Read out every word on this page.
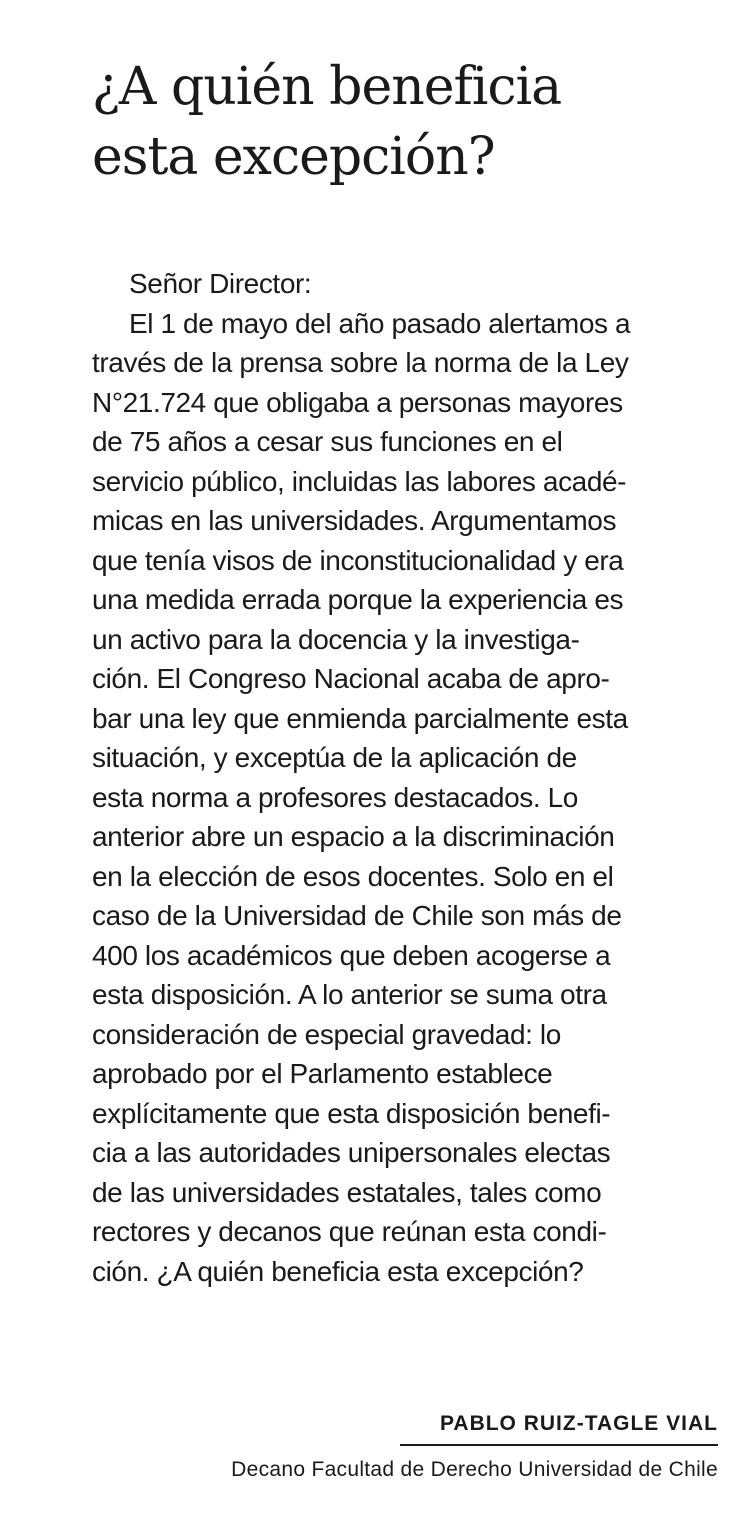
¿A quién beneficia
esta excepción?
Señor Director:
El 1 de mayo del año pasado alertamos a
través de la prensa sobre la norma de la Ley
N°21.724 que obligaba a personas mayores
de 75 años a cesar sus funciones en el
servicio público, incluidas las labores acadé-
micas en las universidades. Argumentamos
que tenía visos de inconstitucionalidad y era
una medida errada porque la experiencia es
un activo para la docencia y la investiga-
ción. El Congreso Nacional acaba de apro-
bar una ley que enmienda parcialmente esta
situación, y exceptúa de la aplicación de
esta norma a profesores destacados. Lo
anterior abre un espacio a la discriminación
en la elección de esos docentes. Solo en el
caso de la Universidad de Chile son más de
400 los académicos que deben acogerse a
esta disposición. A lo anterior se suma otra
consideración de especial gravedad: lo
aprobado por el Parlamento establece
explícitamente que esta disposición benefi-
cia a las autoridades unipersonales electas
de las universidades estatales, tales como
rectores y decanos que reúnan esta condi-
ción. ¿A quién beneficia esta excepción?
PABLO RUIZ-TAGLE VIAL
Decano Facultad de Derecho Universidad de Chile
